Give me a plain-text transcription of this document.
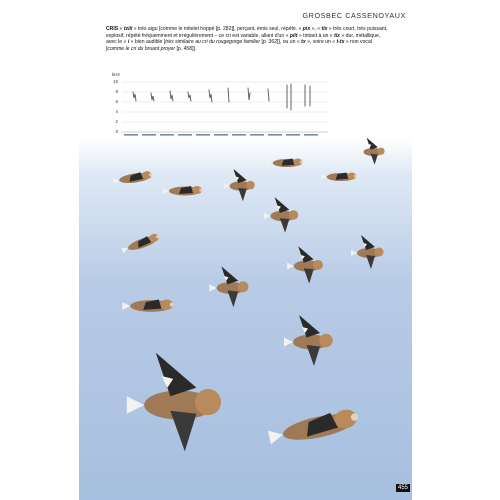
GROSBEC CASSENOYAUX
CRIS « tziii » très aigu [comme le mitelet hoppé [p. 282]], perçant, émis seul, répété. « pix », « tix » très court, très puissant, explosif, répété fréquemment et irrégulièrement – ce cri est variable, allant d'un « piit » tintant à un « tix » dur, métallique, avec le « i » bien audible [très similaire au cri du rougegorge familier [p. 362]], ou un « tx », voire un « t-tx » non vocal [comme le cri du bruant proyer [p. 458]].
kHz
10
8
6
4
2
0
455
